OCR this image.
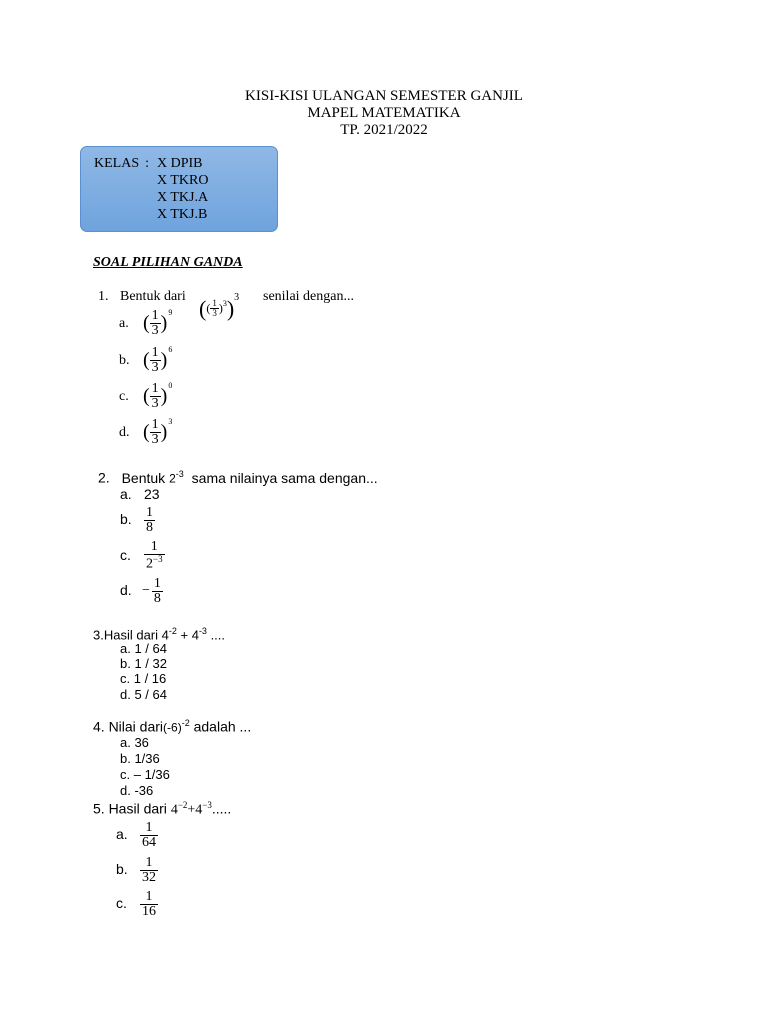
KISI-KISI ULANGAN SEMESTER GANJIL
MAPEL MATEMATIKA
TP. 2021/2022
KELAS : X DPIB
X TKRO
X TKJ.A
X TKJ.B
SOAL PILIHAN GANDA
1. Bentuk dari (( $\frac{1}{3} )^3)^3$ senilai dengan...
a. ( $\frac{1}{3} )^9$
b. ( $\frac{1}{3} )^6$
c. ( $\frac{1}{3} )^0$
d. ( $\frac{1}{3} )^3$
2. Bentuk $2^{-3}$ sama nilainya sama dengan...
a. 23
b. $\frac{1}{8}$
c. $\frac{1}{2^{-3}}$
d. − $\frac{1}{8}$
3.Hasil dari $4^{-2} + 4^{-3}$ ....
a. 1 / 64
b. 1 / 32
c. 1 / 16
d. 5 / 64
4. Nilai $dari(-6)^{-2}$ adalah ...
a. 36
b. 1/36
c. – 1/36
d. -36
5. Hasil dari $4^{-2}+4^{-3}$.....
a. $\frac{1}{64}$
b. $\frac{1}{32}$
c. $\frac{1}{16}$
